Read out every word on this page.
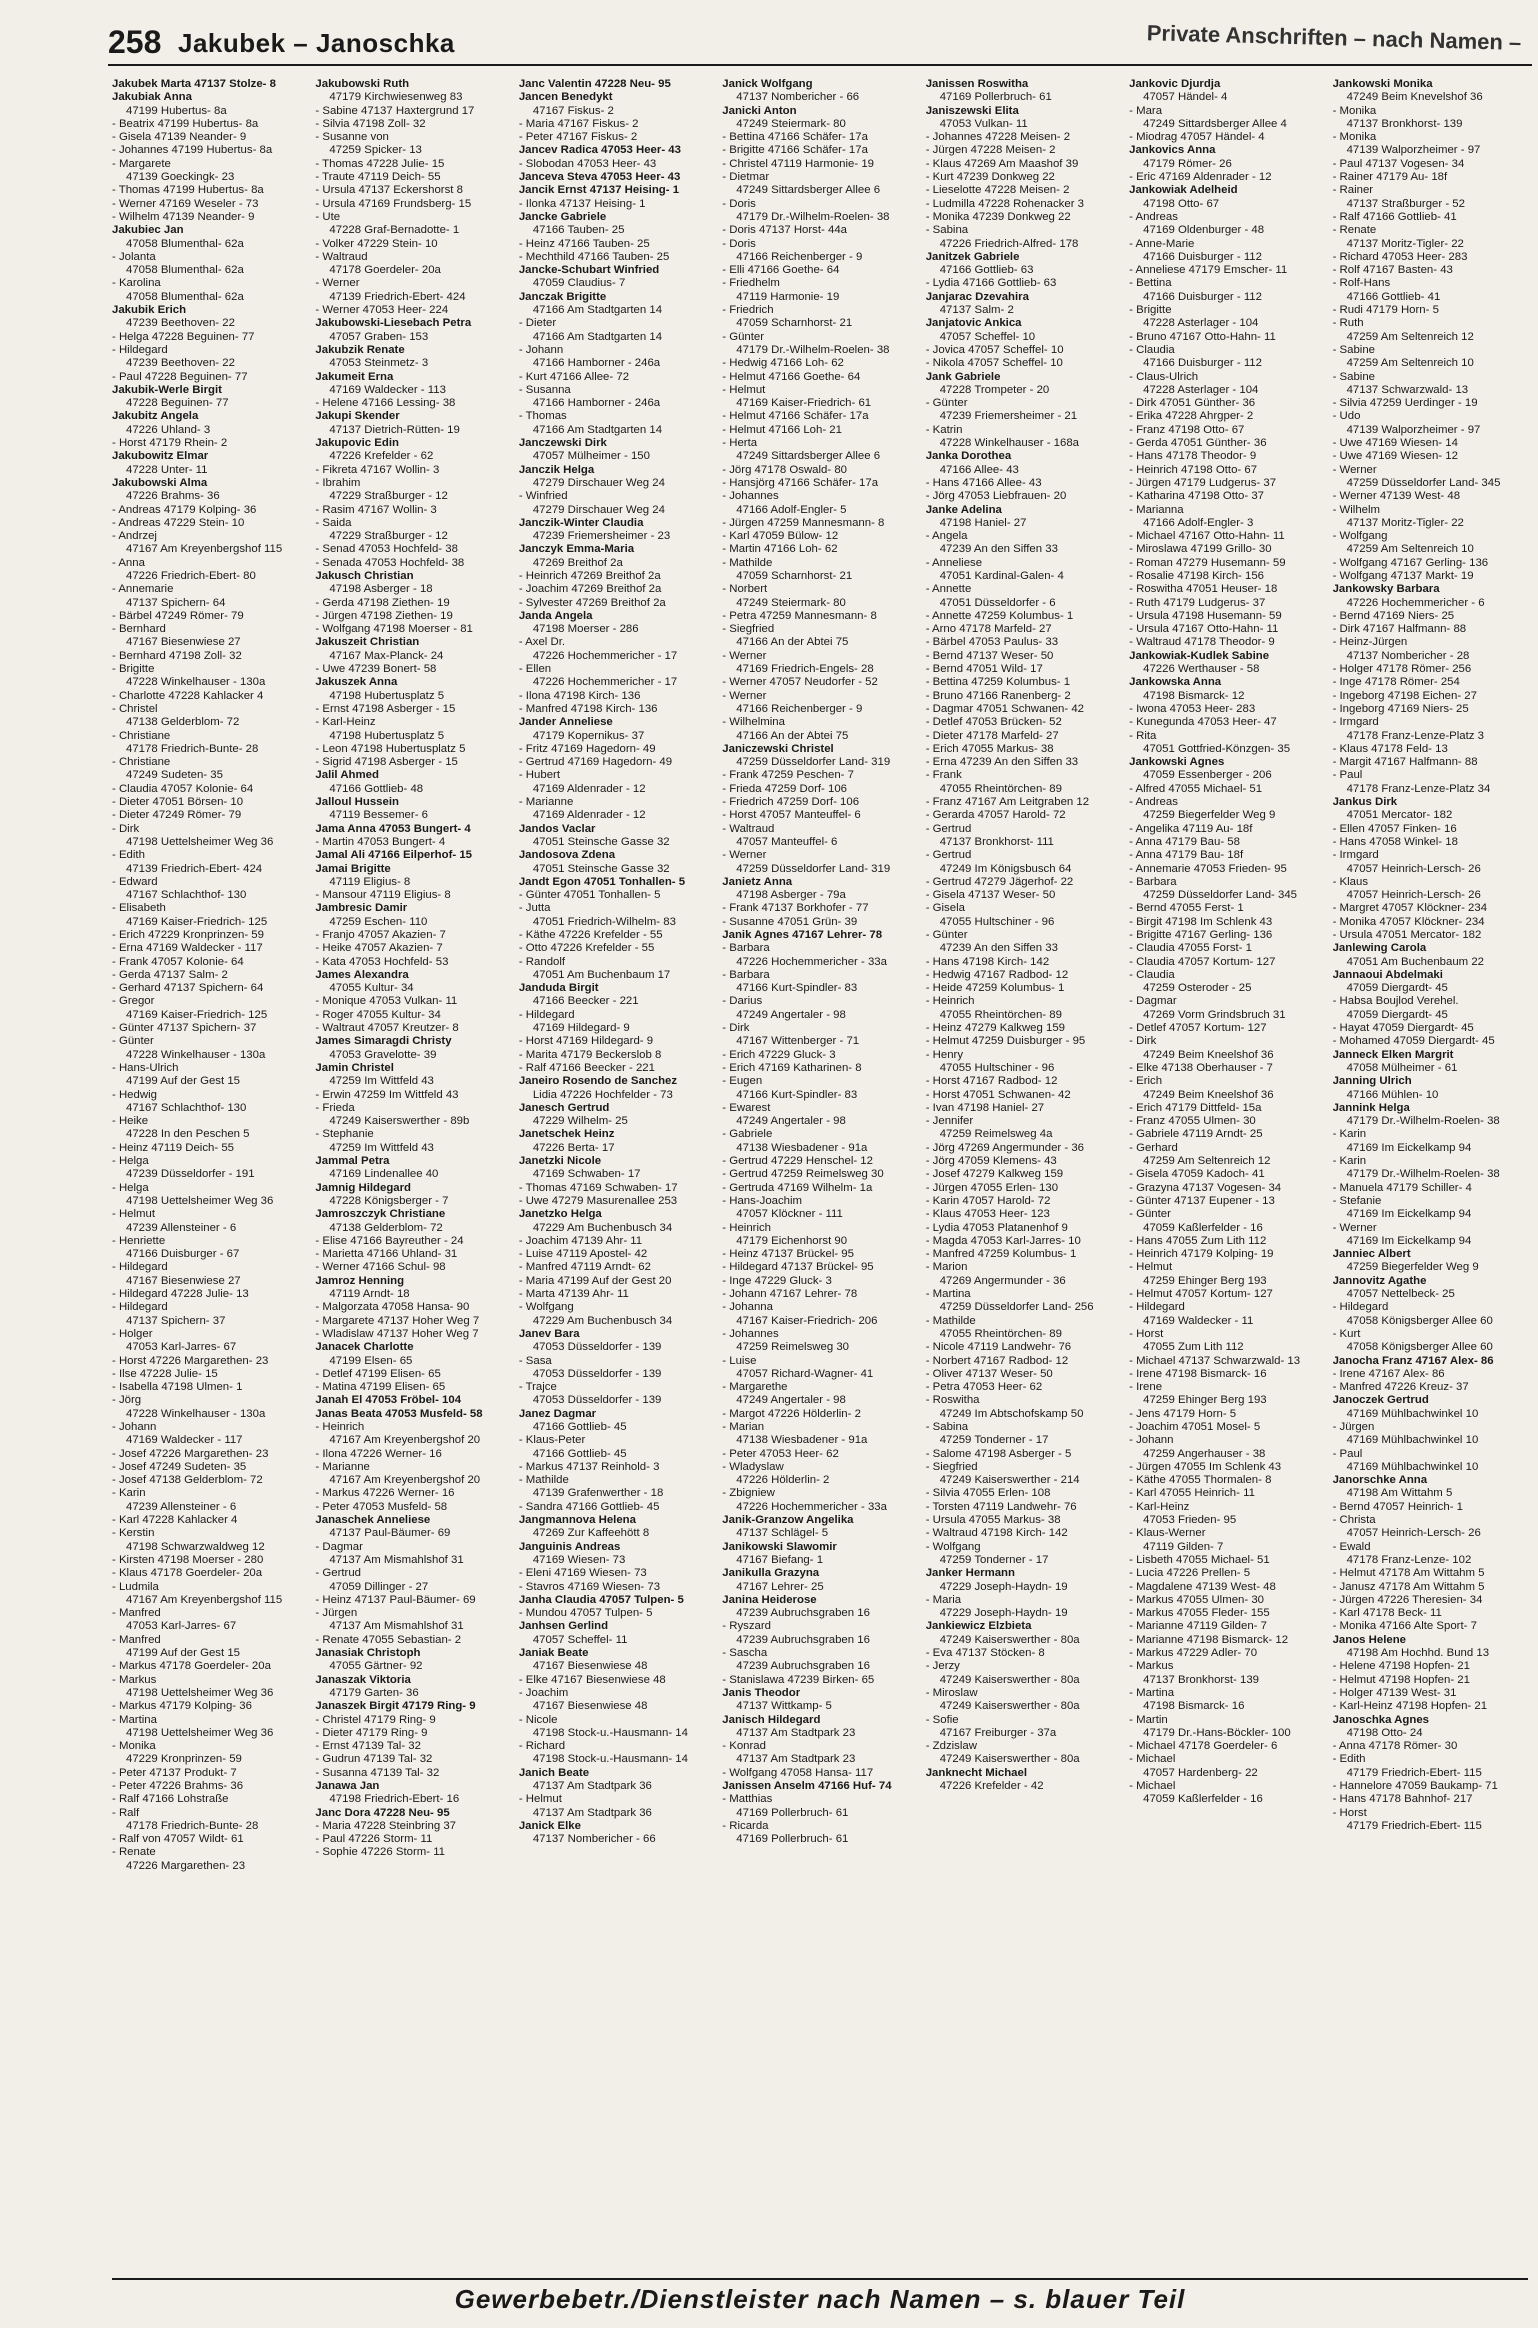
258 Jakubek – Janoschka	Private Anschriften – nach Namen –
Jakubek Marta 47137 Stolze- 8
Jakubiak Anna
47199 Hubertus- 8a
- Beatrix 47199 Hubertus- 8a
- Gisela 47139 Neander- 9
- Johannes 47199 Hubertus- 8a
- Margarete
47139 Goeckingk- 23
- Thomas 47199 Hubertus- 8a
- Werner 47169 Weseler - 73
- Wilhelm 47139 Neander- 9
Jakubiec Jan
47058 Blumenthal- 62a
- Jolanta
47058 Blumenthal- 62a
- Karolina
47058 Blumenthal- 62a
Jakubik Erich
47239 Beethoven- 22
- Helga 47228 Beguinen- 77
- Hildegard
47239 Beethoven- 22
- Paul 47228 Beguinen- 77
Jakubik-Werle Birgit
47228 Beguinen- 77
Jakubitz Angela
47226 Uhland- 3
- Horst 47179 Rhein- 2
Jakubowitz Elmar
47228 Unter- 11
Jakubowski Alma
47226 Brahms- 36
- Andreas 47179 Kolping- 36
- Andreas 47229 Stein- 10
- Andrzej
47167 Am Kreyenbergshof 115
- Anna
47226 Friedrich-Ebert- 80
- Annemarie
47137 Spichern- 64
- Bärbel 47249 Römer- 79
- Bernhard
47167 Biesenwiese 27
- Bernhard 47198 Zoll- 32
- Brigitte
47228 Winkelhauser - 130a
- Charlotte 47228 Kahlacker 4
- Christel
47138 Gelderblom- 72
- Christiane
47178 Friedrich-Bunte- 28
- Christiane
47249 Sudeten- 35
- Claudia 47057 Kolonie- 64
- Dieter 47051 Börsen- 10
- Dieter 47249 Römer- 79
- Dirk
47198 Uettelsheimer Weg 36
- Edith
47139 Friedrich-Ebert- 424
- Edward
47167 Schlachthof- 130
- Elisabeth
47169 Kaiser-Friedrich- 125
- Erich 47229 Kronprinzen- 59
- Erna 47169 Waldecker - 117
- Frank 47057 Kolonie- 64
- Gerda 47137 Salm- 2
- Gerhard 47137 Spichern- 64
- Gregor
47169 Kaiser-Friedrich- 125
- Günter 47137 Spichern- 37
- Günter
47228 Winkelhauser - 130a
- Hans-Ulrich
47199 Auf der Gest 15
- Hedwig
47167 Schlachthof- 130
- Heike
47228 In den Peschen 5
- Heinz 47119 Deich- 55
- Helga
47239 Düsseldorfer - 191
- Helga
47198 Uettelsheimer Weg 36
- Helmut
47239 Allensteiner - 6
- Henriette
47166 Duisburger - 67
- Hildegard
47167 Biesenwiese 27
- Hildegard 47228 Julie- 13
- Hildegard
47137 Spichern- 37
- Holger
47053 Karl-Jarres- 67
- Horst 47226 Margarethen- 23
- Ilse 47228 Julie- 15
- Isabella 47198 Ulmen- 1
- Jörg
47228 Winkelhauser - 130a
- Johann
47169 Waldecker - 117
- Josef 47226 Margarethen- 23
- Josef 47249 Sudeten- 35
- Josef 47138 Gelderblom- 72
- Karin
47239 Allensteiner - 6
- Karl 47228 Kahlacker 4
- Kerstin
47198 Schwarzwaldweg 12
- Kirsten 47198 Moerser - 280
- Klaus 47178 Goerdeler- 20a
- Ludmila
47167 Am Kreyenbergshof 115
- Manfred
47053 Karl-Jarres- 67
- Manfred
47199 Auf der Gest 15
- Markus 47178 Goerdeler- 20a
- Markus
47198 Uettelsheimer Weg 36
- Markus 47179 Kolping- 36
- Martina
47198 Uettelsheimer Weg 36
- Monika
47229 Kronprinzen- 59
- Peter 47137 Produkt- 7
- Peter 47226 Brahms- 36
- Ralf 47166 Lohstraße
- Ralf
47178 Friedrich-Bunte- 28
- Ralf von 47057 Wildt- 61
- Renate
47226 Margarethen- 23
Jakubowski Ruth
47179 Kirchwiesenweg 83
- Sabine 47137 Haxtergrund 17
- Silvia 47198 Zoll- 32
- Susanne von
47259 Spicker- 13
- Thomas 47228 Julie- 15
- Traute 47119 Deich- 55
- Ursula 47137 Eckershorst 8
- Ursula 47169 Frundsberg- 15
- Ute
47228 Graf-Bernadotte- 1
- Volker 47229 Stein- 10
- Waltraud
47178 Goerdeler- 20a
- Werner
47139 Friedrich-Ebert- 424
- Werner 47053 Heer- 224
Jakubowski-Liesebach Petra
47057 Graben- 153
Jakubzik Renate
47053 Steinmetz- 3
Jakumeit Erna
47169 Waldecker - 113
- Helene 47166 Lessing- 38
Jakupi Skender
47137 Dietrich-Rütten- 19
Jakupovic Edin
47226 Krefelder - 62
- Fikreta 47167 Wollin- 3
- Ibrahim
47229 Straßburger - 12
- Rasim 47167 Wollin- 3
- Saida
47229 Straßburger - 12
- Senad 47053 Hochfeld- 38
- Senada 47053 Hochfeld- 38
Jakusch Christian
47198 Asberger - 18
- Gerda 47198 Ziethen- 19
- Jürgen 47198 Ziethen- 19
- Wolfgang 47198 Moerser - 81
Jakuszeit Christian
47167 Max-Planck- 24
- Uwe 47239 Bonert- 58
Jakuszek Anna
47198 Hubertusplatz 5
- Ernst 47198 Asberger - 15
- Karl-Heinz
47198 Hubertusplatz 5
- Leon 47198 Hubertusplatz 5
- Sigrid 47198 Asberger - 15
Jalil Ahmed
47166 Gottlieb- 48
Jalloul Hussein
47119 Bessemer- 6
Jama Anna 47053 Bungert- 4
- Martin 47053 Bungert- 4
Jamal Ali 47166 Eilperhof- 15
Jamai Brigitte
47119 Eligius- 8
- Mansour 47119 Eligius- 8
Jambresic Damir
47259 Eschen- 110
- Franjo 47057 Akazien- 7
- Heike 47057 Akazien- 7
- Kata 47053 Hochfeld- 53
James Alexandra
47055 Kultur- 34
- Monique 47053 Vulkan- 11
- Roger 47055 Kultur- 34
- Waltraut 47057 Kreutzer- 8
James Simaragdi Christy
47053 Gravelotte- 39
Jamin Christel
47259 Im Wittfeld 43
- Erwin 47259 Im Wittfeld 43
- Frieda
47249 Kaiserswerther - 89b
- Stephanie
47259 Im Wittfeld 43
Jammal Petra
47169 Lindenallee 40
Jamnig Hildegard
47228 Königsberger - 7
Jamroszczyk Christiane
47138 Gelderblom- 72
- Elise 47166 Bayreuther - 24
- Marietta 47166 Uhland- 31
- Werner 47166 Schul- 98
Jamroz Henning
47119 Arndt- 18
- Malgorzata 47058 Hansa- 90
- Margarete 47137 Hoher Weg 7
- Wladislaw 47137 Hoher Weg 7
Janacek Charlotte
47199 Elsen- 65
- Detlef 47199 Elisen- 65
- Matina 47199 Elisen- 65
Janah El 47053 Fröbel- 104
Janas Beata 47053 Musfeld- 58
- Heinrich
47167 Am Kreyenbergshof 20
- Ilona 47226 Werner- 16
- Marianne
47167 Am Kreyenbergshof 20
- Markus 47226 Werner- 16
- Peter 47053 Musfeld- 58
Janaschek Anneliese
47137 Paul-Bäumer- 69
- Dagmar
47137 Am Mismahlshof 31
- Gertrud
47059 Dillinger - 27
- Heinz 47137 Paul-Bäumer- 69
- Jürgen
47137 Am Mismahlshof 31
- Renate 47055 Sebastian- 2
Janasiak Christoph
47055 Gärtner- 92
Janaszak Viktoria
47179 Garten- 36
Janaszek Birgit 47179 Ring- 9
- Christel 47179 Ring- 9
- Dieter 47179 Ring- 9
- Ernst 47139 Tal- 32
- Gudrun 47139 Tal- 32
- Susanna 47139 Tal- 32
Janawa Jan
47198 Friedrich-Ebert- 16
Janc Dora 47228 Neu- 95
- Maria 47228 Steinbring 37
- Paul 47226 Storm- 11
- Sophie 47226 Storm- 11
Janc Valentin 47228 Neu- 95
Jancen Benedykt
47167 Fiskus- 2
- Maria 47167 Fiskus- 2
- Peter 47167 Fiskus- 2
Jancev Radica 47053 Heer- 43
- Slobodan 47053 Heer- 43
Janceva Steva 47053 Heer- 43
Jancik Ernst 47137 Heising- 1
- Ilonka 47137 Heising- 1
Jancke Gabriele
47166 Tauben- 25
- Heinz 47166 Tauben- 25
- Mechthild 47166 Tauben- 25
Jancke-Schubart Winfried
47059 Claudius- 7
Janczak Brigitte
47166 Am Stadtgarten 14
- Dieter
47166 Am Stadtgarten 14
- Johann
47166 Hamborner - 246a
- Kurt 47166 Allee- 72
- Susanna
47166 Hamborner - 246a
- Thomas
47166 Am Stadtgarten 14
Janczewski Dirk
47057 Mülheimer - 150
Janczik Helga
47279 Dirschauer Weg 24
- Winfried
47279 Dirschauer Weg 24
Janczik-Winter Claudia
47239 Friemersheimer - 23
Janczyk Emma-Maria
47269 Breithof 2a
- Heinrich 47269 Breithof 2a
- Joachim 47269 Breithof 2a
- Sylvester 47269 Breithof 2a
Janda Angela
47198 Moerser - 286
- Axel Dr.
47226 Hochemmericher - 17
- Ellen
47226 Hochemmericher - 17
- Ilona 47198 Kirch- 136
- Manfred 47198 Kirch- 136
Jander Anneliese
47179 Kopernikus- 37
- Fritz 47169 Hagedorn- 49
- Gertrud 47169 Hagedorn- 49
- Hubert
47169 Aldenrader - 12
- Marianne
47169 Aldenrader - 12
Jandos Vaclar
47051 Steinsche Gasse 32
Jandosova Zdena
47051 Steinsche Gasse 32
Jandt Egon 47051 Tonhallen- 5
- Günter 47051 Tonhallen- 5
- Jutta
47051 Friedrich-Wilhelm- 83
- Käthe 47226 Krefelder - 55
- Otto 47226 Krefelder - 55
- Randolf
47051 Am Buchenbaum 17
Janduda Birgit
47166 Beecker - 221
- Hildegard
47169 Hildegard- 9
- Horst 47169 Hildegard- 9
- Marita 47179 Beckerslob 8
- Ralf 47166 Beecker - 221
Janeiro Rosendo de Sanchez
Lidia 47226 Hochfelder - 73
Janesch Gertrud
47229 Wilhelm- 25
Janetschek Heinz
47226 Berta- 17
Janetzki Nicole
47169 Schwaben- 17
- Thomas 47169 Schwaben- 17
- Uwe 47279 Masurenallee 253
Janetzko Helga
47229 Am Buchenbusch 34
- Joachim 47139 Ahr- 11
- Luise 47119 Apostel- 42
- Manfred 47119 Arndt- 62
- Maria 47199 Auf der Gest 20
- Marta 47139 Ahr- 11
- Wolfgang
47229 Am Buchenbusch 34
Janev Bara
47053 Düsseldorfer - 139
- Sasa
47053 Düsseldorfer - 139
- Trajce
47053 Düsseldorfer - 139
Janez Dagmar
47166 Gottlieb- 45
- Klaus-Peter
47166 Gottlieb- 45
- Markus 47137 Reinhold- 3
- Mathilde
47139 Grafenwerther - 18
- Sandra 47166 Gottlieb- 45
Jangmannova Helena
47269 Zur Kaffeehött 8
Janguinis Andreas
47169 Wiesen- 73
- Eleni 47169 Wiesen- 73
- Stavros 47169 Wiesen- 73
Janha Claudia 47057 Tulpen- 5
- Mundou 47057 Tulpen- 5
Janhsen Gerlind
47057 Scheffel- 11
Janiak Beate
47167 Biesenwiese 48
- Elke 47167 Biesenwiese 48
- Joachim
47167 Biesenwiese 48
- Nicole
47198 Stock-u.-Hausmann- 14
- Richard
47198 Stock-u.-Hausmann- 14
Janich Beate
47137 Am Stadtpark 36
- Helmut
47137 Am Stadtpark 36
Janick Elke
47137 Nombericher - 66
Janick Wolfgang
47137 Nombericher - 66
Janicki Anton
47249 Steiermark- 80
- Bettina 47166 Schäfer- 17a
- Brigitte 47166 Schäfer- 17a
- Christel 47119 Harmonie- 19
- Dietmar
47249 Sittardsberger Allee 6
- Doris
47179 Dr.-Wilhelm-Roelen- 38
- Doris 47137 Horst- 44a
- Doris
47166 Reichenberger - 9
- Elli 47166 Goethe- 64
- Friedhelm
47119 Harmonie- 19
- Friedrich
47059 Scharnhorst- 21
- Günter
47179 Dr.-Wilhelm-Roelen- 38
- Hedwig 47166 Loh- 62
- Helmut 47166 Goethe- 64
- Helmut
47169 Kaiser-Friedrich- 61
- Helmut 47166 Schäfer- 17a
- Helmut 47166 Loh- 21
- Herta
47249 Sittardsberger Allee 6
- Jörg 47178 Oswald- 80
- Hansjörg 47166 Schäfer- 17a
- Johannes
47166 Adolf-Engler- 5
- Jürgen 47259 Mannesmann- 8
- Karl 47059 Bülow- 12
- Martin 47166 Loh- 62
- Mathilde
47059 Scharnhorst- 21
- Norbert
47249 Steiermark- 80
- Petra 47259 Mannesmann- 8
- Siegfried
47166 An der Abtei 75
- Werner
47169 Friedrich-Engels- 28
- Werner 47057 Neudorfer - 52
- Werner
47166 Reichenberger - 9
- Wilhelmina
47166 An der Abtei 75
Janiczewski Christel
47259 Düsseldorfer Land- 319
- Frank 47259 Peschen- 7
- Frieda 47259 Dorf- 106
- Friedrich 47259 Dorf- 106
- Horst 47057 Manteuffel- 6
- Waltraud
47057 Manteuffel- 6
- Werner
47259 Düsseldorfer Land- 319
Janietz Anna
47198 Asberger - 79a
- Frank 47137 Borkhofer - 77
- Susanne 47051 Grün- 39
Janik Agnes 47167 Lehrer- 78
- Barbara
47226 Hochemmericher - 33a
- Barbara
47166 Kurt-Spindler- 83
- Darius
47249 Angertaler - 98
- Dirk
47167 Wittenberger - 71
- Erich 47229 Gluck- 3
- Erich 47169 Katharinen- 8
- Eugen
47166 Kurt-Spindler- 83
- Ewarest
47249 Angertaler - 98
- Gabriele
47138 Wiesbadener - 91a
- Gertrud 47229 Henschel- 12
- Gertrud 47259 Reimelsweg 30
- Gertruda 47169 Wilhelm- 1a
- Hans-Joachim
47057 Klöckner - 111
- Heinrich
47179 Eichenhorst 90
- Heinz 47137 Brückel- 95
- Hildegard 47137 Brückel- 95
- Inge 47229 Gluck- 3
- Johann 47167 Lehrer- 78
- Johanna
47167 Kaiser-Friedrich- 206
- Johannes
47259 Reimelsweg 30
- Luise
47057 Richard-Wagner- 41
- Margarethe
47249 Angertaler - 98
- Margot 47226 Hölderlin- 2
- Marian
47138 Wiesbadener - 91a
- Peter 47053 Heer- 62
- Wladyslaw
47226 Hölderlin- 2
- Zbigniew
47226 Hochemmericher - 33a
Janik-Granzow Angelika
47137 Schlägel- 5
Janikowski Slawomir
47167 Biefang- 1
Janikulla Grazyna
47167 Lehrer- 25
Janina Heiderose
47239 Aubruchsgraben 16
- Ryszard
47239 Aubruchsgraben 16
- Sascha
47239 Aubruchsgraben 16
- Stanislawa 47239 Birken- 65
Janis Theodor
47137 Wittkamp- 5
Janisch Hildegard
47137 Am Stadtpark 23
- Konrad
47137 Am Stadtpark 23
- Wolfgang 47058 Hansa- 117
Janissen Anselm 47166 Huf- 74
- Matthias
47169 Pollerbruch- 61
- Ricarda
47169 Pollerbruch- 61
Janissen Roswitha
47169 Pollerbruch- 61
Janiszewski Elita
47053 Vulkan- 11
- Johannes 47228 Meisen- 2
- Jürgen 47228 Meisen- 2
- Klaus 47269 Am Maashof 39
- Kurt 47239 Donkweg 22
- Lieselotte 47228 Meisen- 2
- Ludmilla 47228 Rohenacker 3
- Monika 47239 Donkweg 22
- Sabina
47226 Friedrich-Alfred- 178
Janitzek Gabriele
47166 Gottlieb- 63
- Lydia 47166 Gottlieb- 63
Janjarac Dzevahira
47137 Salm- 2
Janjatovic Ankica
47057 Scheffel- 10
- Jovica 47057 Scheffel- 10
- Nikola 47057 Scheffel- 10
Jank Gabriele
47228 Trompeter - 20
- Günter
47239 Friemersheimer - 21
- Katrin
47228 Winkelhauser - 168a
Janka Dorothea
47166 Allee- 43
- Hans 47166 Allee- 43
- Jörg 47053 Liebfrauen- 20
Janke Adelina
47198 Haniel- 27
- Angela
47239 An den Siffen 33
- Anneliese
47051 Kardinal-Galen- 4
- Annette
47051 Düsseldorfer - 6
- Annette 47259 Kolumbus- 1
- Arno 47178 Marfeld- 27
- Bärbel 47053 Paulus- 33
- Bernd 47137 Weser- 50
- Bernd 47051 Wild- 17
- Bettina 47259 Kolumbus- 1
- Bruno 47166 Ranenberg- 2
- Dagmar 47051 Schwanen- 42
- Detlef 47053 Brücken- 52
- Dieter 47178 Marfeld- 27
- Erich 47055 Markus- 38
- Erna 47239 An den Siffen 33
- Frank
47055 Rheintörchen- 89
- Franz 47167 Am Leitgraben 12
- Gerarda 47057 Harold- 72
- Gertrud
47137 Bronkhorst- 111
- Gertrud
47249 Im Königsbusch 64
- Gertrud 47279 Jägerhof- 22
- Gisela 47137 Weser- 50
- Gisela
47055 Hultschiner - 96
- Günter
47239 An den Siffen 33
- Hans 47198 Kirch- 142
- Hedwig 47167 Radbod- 12
- Heide 47259 Kolumbus- 1
- Heinrich
47055 Rheintörchen- 89
- Heinz 47279 Kalkweg 159
- Helmut 47259 Duisburger - 95
- Henry
47055 Hultschiner - 96
- Horst 47167 Radbod- 12
- Horst 47051 Schwanen- 42
- Ivan 47198 Haniel- 27
- Jennifer
47259 Reimelsweg 4a
- Jörg 47269 Angermunder - 36
- Jörg 47059 Klemens- 43
- Josef 47279 Kalkweg 159
- Jürgen 47055 Erlen- 130
- Karin 47057 Harold- 72
- Klaus 47053 Heer- 123
- Lydia 47053 Platanenhof 9
- Magda 47053 Karl-Jarres- 10
- Manfred 47259 Kolumbus- 1
- Marion
47269 Angermunder - 36
- Martina
47259 Düsseldorfer Land- 256
- Mathilde
47055 Rheintörchen- 89
- Nicole 47119 Landwehr- 76
- Norbert 47167 Radbod- 12
- Oliver 47137 Weser- 50
- Petra 47053 Heer- 62
- Roswitha
47249 Im Abtschofskamp 50
- Sabina
47259 Tonderner - 17
- Salome 47198 Asberger - 5
- Siegfried
47249 Kaiserswerther - 214
- Silvia 47055 Erlen- 108
- Torsten 47119 Landwehr- 76
- Ursula 47055 Markus- 38
- Waltraud 47198 Kirch- 142
- Wolfgang
47259 Tonderner - 17
Janker Hermann
47229 Joseph-Haydn- 19
- Maria
47229 Joseph-Haydn- 19
Jankiewicz Elzbieta
47249 Kaiserswerther - 80a
- Eva 47137 Stöcken- 8
- Jerzy
47249 Kaiserswerther - 80a
- Miroslaw
47249 Kaiserswerther - 80a
- Sofie
47167 Freiburger - 37a
- Zdzislaw
47249 Kaiserswerther - 80a
Janknecht Michael
47226 Krefelder - 42
Jankovic Djurdja
47057 Händel- 4
- Mara
47249 Sittardsberger Allee 4
- Miodrag 47057 Händel- 4
Jankovics Anna
47179 Römer- 26
- Eric 47169 Aldenrader - 12
Jankowiak Adelheid
47198 Otto- 67
- Andreas
47169 Oldenburger - 48
- Anne-Marie
47166 Duisburger - 112
- Anneliese 47179 Emscher- 11
- Bettina
47166 Duisburger - 112
- Brigitte
47228 Asterlager - 104
- Bruno 47167 Otto-Hahn- 11
- Claudia
47166 Duisburger - 112
- Claus-Ulrich
47228 Asterlager - 104
- Dirk 47051 Günther- 36
- Erika 47228 Ahrgper- 2
- Franz 47198 Otto- 67
- Gerda 47051 Günther- 36
- Hans 47178 Theodor- 9
- Heinrich 47198 Otto- 67
- Jürgen 47179 Ludgerus- 37
- Katharina 47198 Otto- 37
- Marianna
47166 Adolf-Engler- 3
- Michael 47167 Otto-Hahn- 11
- Miroslawa 47199 Grillo- 30
- Roman 47279 Husemann- 59
- Rosalie 47198 Kirch- 156
- Roswitha 47051 Heuser- 18
- Ruth 47179 Ludgerus- 37
- Ursula 47198 Husemann- 59
- Ursula 47167 Otto-Hahn- 11
- Waltraud 47178 Theodor- 9
Jankowiak-Kudlek Sabine
47226 Werthauser - 58
Jankowska Anna
47198 Bismarck- 12
- Iwona 47053 Heer- 283
- Kunegunda 47053 Heer- 47
- Rita
47051 Gottfried-Könzgen- 35
Jankowski Agnes
47059 Essenberger - 206
- Alfred 47055 Michael- 51
- Andreas
47259 Biegerfelder Weg 9
- Angelika 47119 Au- 18f
- Anna 47179 Bau- 58
- Anna 47179 Bau- 18f
- Annemarie 47053 Frieden- 95
- Barbara
47259 Düsseldorfer Land- 345
- Bernd 47055 Ferst- 1
- Birgit 47198 Im Schlenk 43
- Brigitte 47167 Gerling- 136
- Claudia 47055 Forst- 1
- Claudia 47057 Kortum- 127
- Claudia
47259 Osteroder - 25
- Dagmar
47269 Vorm Grindsbruch 31
- Detlef 47057 Kortum- 127
- Dirk
47249 Beim Kneelshof 36
- Elke 47138 Oberhauser - 7
- Erich
47249 Beim Kneelshof 36
- Erich 47179 Dittfeld- 15a
- Franz 47055 Ulmen- 30
- Gabriele 47119 Arndt- 25
- Gerhard
47259 Am Seltenreich 12
- Gisela 47059 Kadoch- 41
- Grazyna 47137 Vogesen- 34
- Günter 47137 Eupener - 13
- Günter
47059 Kaßlerfelder - 16
- Hans 47055 Zum Lith 112
- Heinrich 47179 Kolping- 19
- Helmut
47259 Ehinger Berg 193
- Helmut 47057 Kortum- 127
- Hildegard
47169 Waldecker - 11
- Horst
47055 Zum Lith 112
- Michael 47137 Schwarzwald- 13
- Irene 47198 Bismarck- 16
- Irene
47259 Ehinger Berg 193
- Jens 47179 Horn- 5
- Joachim 47051 Mosel- 5
- Johann
47259 Angerhauser - 38
- Jürgen 47055 Im Schlenk 43
- Käthe 47055 Thormalen- 8
- Karl 47055 Heinrich- 11
- Karl-Heinz
47053 Frieden- 95
- Klaus-Werner
47119 Gilden- 7
- Lisbeth 47055 Michael- 51
- Lucia 47226 Prellen- 5
- Magdalene 47139 West- 48
- Markus 47055 Ulmen- 30
- Markus 47055 Fleder- 155
- Marianne 47119 Gilden- 7
- Marianne 47198 Bismarck- 12
- Markus 47229 Adler- 70
- Markus
47137 Bronkhorst- 139
- Martina
47198 Bismarck- 16
- Martin
47179 Dr.-Hans-Böckler- 100
- Michael 47178 Goerdeler- 6
- Michael
47057 Hardenberg- 22
- Michael
47059 Kaßlerfelder - 16
Jankowski Monika
47249 Beim Knevelshof 36
- Monika
47137 Bronkhorst- 139
- Monika
47139 Walporzheimer - 97
- Paul 47137 Vogesen- 34
- Rainer 47179 Au- 18f
- Rainer
47137 Straßburger - 52
- Ralf 47166 Gottlieb- 41
- Renate
47137 Moritz-Tigler- 22
- Richard 47053 Heer- 283
- Rolf 47167 Basten- 43
- Rolf-Hans
47166 Gottlieb- 41
- Rudi 47179 Horn- 5
- Ruth
47259 Am Seltenreich 12
- Sabine
47259 Am Seltenreich 10
- Sabine
47137 Schwarzwald- 13
- Silvia 47259 Uerdinger - 19
- Udo
47139 Walporzheimer - 97
- Uwe 47169 Wiesen- 14
- Uwe 47169 Wiesen- 12
- Werner
47259 Düsseldorfer Land- 345
- Werner 47139 West- 48
- Wilhelm
47137 Moritz-Tigler- 22
- Wolfgang
47259 Am Seltenreich 10
- Wolfgang 47167 Gerling- 136
- Wolfgang 47137 Markt- 19
Jankowsky Barbara
47226 Hochemmericher - 6
- Bernd 47169 Niers- 25
- Dirk 47167 Halfmann- 88
- Heinz-Jürgen
47137 Nombericher - 28
- Holger 47178 Römer- 256
- Inge 47178 Römer- 254
- Ingeborg 47198 Eichen- 27
- Ingeborg 47169 Niers- 25
- Irmgard
47178 Franz-Lenze-Platz 3
- Klaus 47178 Feld- 13
- Margit 47167 Halfmann- 88
- Paul
47178 Franz-Lenze-Platz 34
Jankus Dirk
47051 Mercator- 182
- Ellen 47057 Finken- 16
- Hans 47058 Winkel- 18
- Irmgard
47057 Heinrich-Lersch- 26
- Klaus
47057 Heinrich-Lersch- 26
- Margret 47057 Klöckner- 234
- Monika 47057 Klöckner- 234
- Ursula 47051 Mercator- 182
Janlewing Carola
47051 Am Buchenbaum 22
Jannaoui Abdelmaki
47059 Diergardt- 45
- Habsa Boujlod Verehel.
47059 Diergardt- 45
- Hayat 47059 Diergardt- 45
- Mohamed 47059 Diergardt- 45
Janneck Elken Margrit
47058 Mülheimer - 61
Janning Ulrich
47166 Mühlen- 10
Jannink Helga
47179 Dr.-Wilhelm-Roelen- 38
- Karin
47169 Im Eickelkamp 94
- Karin
47179 Dr.-Wilhelm-Roelen- 38
- Manuela 47179 Schiller- 4
- Stefanie
47169 Im Eickelkamp 94
- Werner
47169 Im Eickelkamp 94
Janniec Albert
47259 Biegerfelder Weg 9
Jannovitz Agathe
47057 Nettelbeck- 25
- Hildegard
47058 Königsberger Allee 60
- Kurt
47058 Königsberger Allee 60
Janocha Franz 47167 Alex- 86
- Irene 47167 Alex- 86
- Manfred 47226 Kreuz- 37
Janoczek Gertrud
47169 Mühlbachwinkel 10
- Jürgen
47169 Mühlbachwinkel 10
- Paul
47169 Mühlbachwinkel 10
Janorschke Anna
47198 Am Wittahm 5
- Bernd 47057 Heinrich- 1
- Christa
47057 Heinrich-Lersch- 26
- Ewald
47178 Franz-Lenze- 102
- Helmut 47178 Am Wittahm 5
- Janusz 47178 Am Wittahm 5
- Jürgen 47226 Theresien- 34
- Karl 47178 Beck- 11
- Monika 47166 Alte Sport- 7
Janos Helene
47198 Am Hochhd. Bund 13
- Helene 47198 Hopfen- 21
- Helmut 47198 Hopfen- 21
- Holger 47139 West- 31
- Karl-Heinz 47198 Hopfen- 21
Janoschka Agnes
47198 Otto- 24
- Anna 47178 Römer- 30
- Edith
47179 Friedrich-Ebert- 115
- Hannelore 47059 Baukamp- 71
- Hans 47178 Bahnhof- 217
- Horst
47179 Friedrich-Ebert- 115
Gewerbebetr./Dienstleister nach Namen – s. blauer Teil
